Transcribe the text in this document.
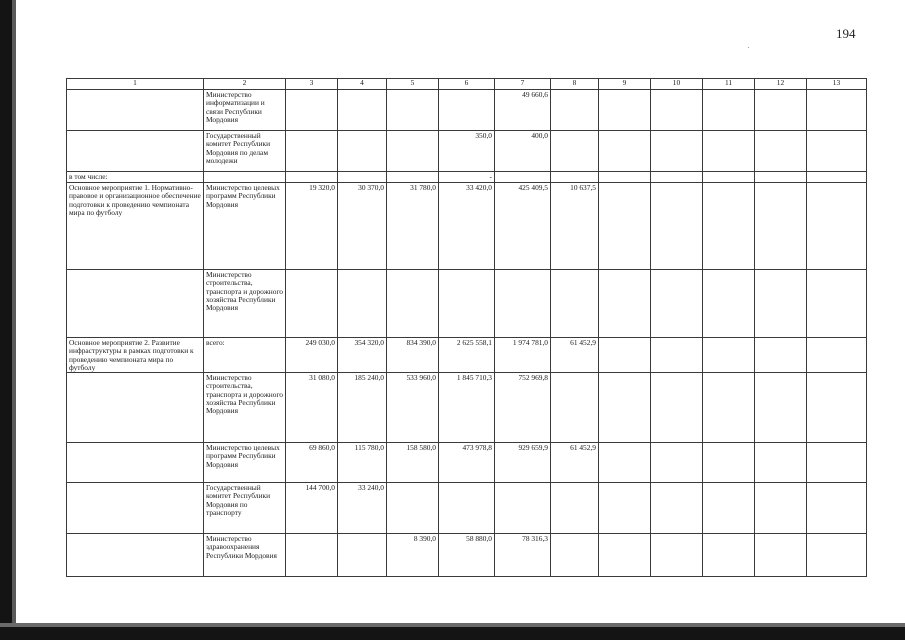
194
1	2	3	4	5	6	7	8	9	10	11	12	13
	Министерство информатизации и связи Республики Мордовия					49 660,6						
	Государственный комитет Республики Мордовия по делам молодежи				350,0	400,0						
в том числе:					-							
Основное мероприятие 1. Нормативно-правовое и организационное обеспечение подготовки к проведению чемпионата мира по футболу	Министерство целевых программ Республики Мордовия	19 320,0	30 370,0	31 780,0	33 420,0	425 409,5	10 637,5					
	Министерство строительства, транспорта и дорожного хозяйства Республики Мордовия											
Основное мероприятие 2. Развитие инфраструктуры в рамках подготовки к проведению чемпионата мира по футболу	всего:	249 030,0	354 320,0	834 390,0	2 625 558,1	1 974 781,0	61 452,9					
	Министерство строительства, транспорта и дорожного хозяйства Республики Мордовия	31 080,0	185 240,0	533 960,0	1 845 710,3	752 969,8						
	Министерство целевых программ Республики Мордовия	69 860,0	115 780,0	158 580,0	473 978,8	929 659,9	61 452,9					
	Государственный комитет Республики Мордовия по транспорту	144 700,0	33 240,0									
	Министерство здравоохранения Республики Мордовия			8 390,0	58 880,0	78 316,3						
